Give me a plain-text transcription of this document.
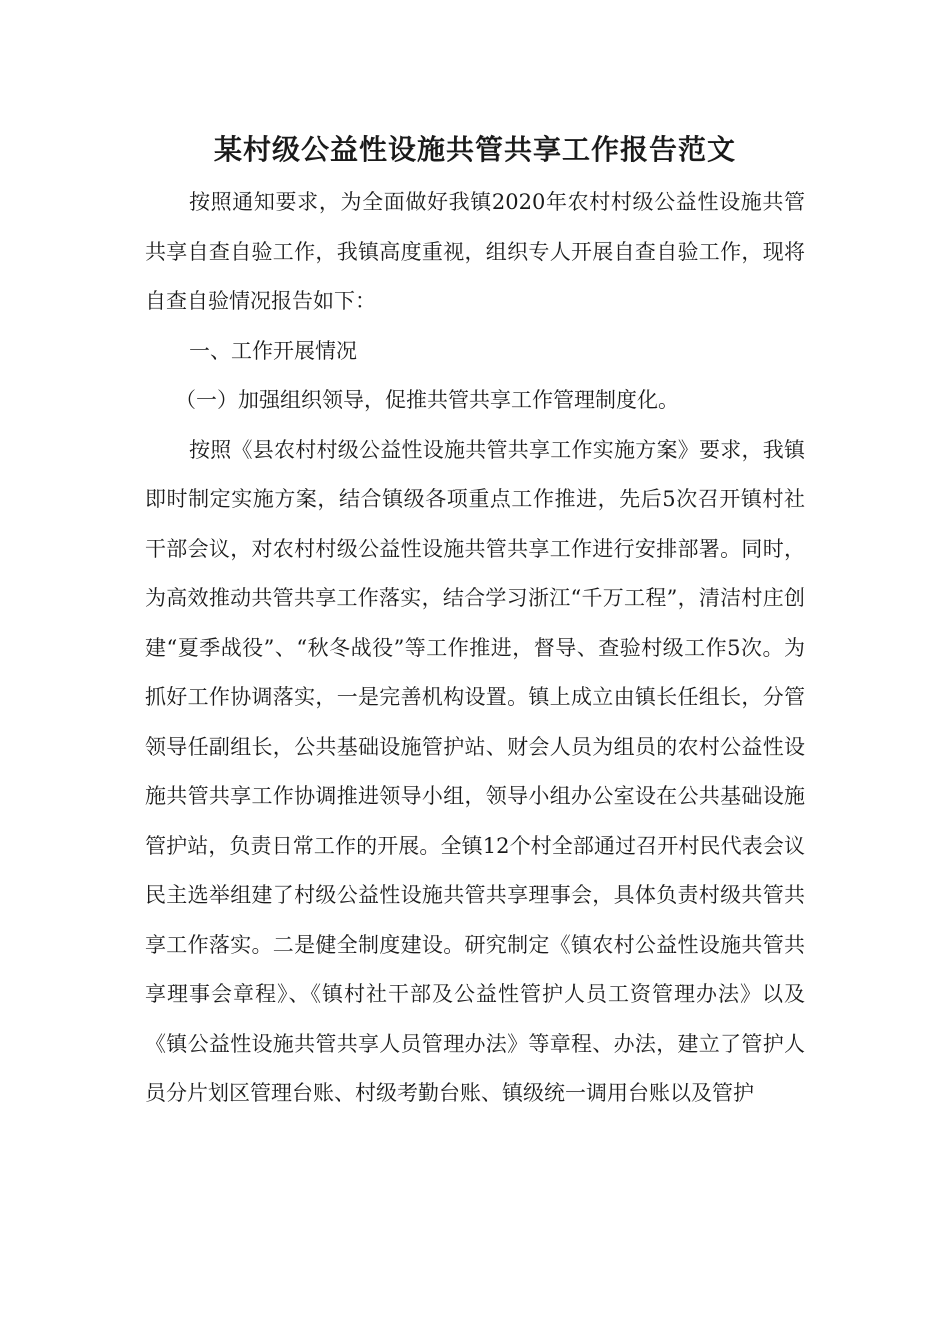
某村级公益性设施共管共享工作报告范文

按照通知要求，为全面做好我镇2020年农村村级公益性设施共管共享自查自验工作，我镇高度重视，组织专人开展自查自验工作，现将自查自验情况报告如下：

一、工作开展情况

（一）加强组织领导，促推共管共享工作管理制度化。

按照《县农村村级公益性设施共管共享工作实施方案》要求，我镇即时制定实施方案，结合镇级各项重点工作推进，先后5次召开镇村社干部会议，对农村村级公益性设施共管共享工作进行安排部署。同时，为高效推动共管共享工作落实，结合学习浙江“千万工程”，清洁村庄创建“夏季战役”、“秋冬战役”等工作推进，督导、查验村级工作5次。为抓好工作协调落实，一是完善机构设置。镇上成立由镇长任组长，分管领导任副组长，公共基础设施管护站、财会人员为组员的农村公益性设施共管共享工作协调推进领导小组，领导小组办公室设在公共基础设施管护站，负责日常工作的开展。全镇12个村全部通过召开村民代表会议民主选举组建了村级公益性设施共管共享理事会，具体负责村级共管共享工作落实。二是健全制度建设。研究制定《镇农村公益性设施共管共享理事会章程》、《镇村社干部及公益性管护人员工资管理办法》以及《镇公益性设施共管共享人员管理办法》等章程、办法，建立了管护人员分片划区管理台账、村级考勤台账、镇级统一调用台账以及管护
